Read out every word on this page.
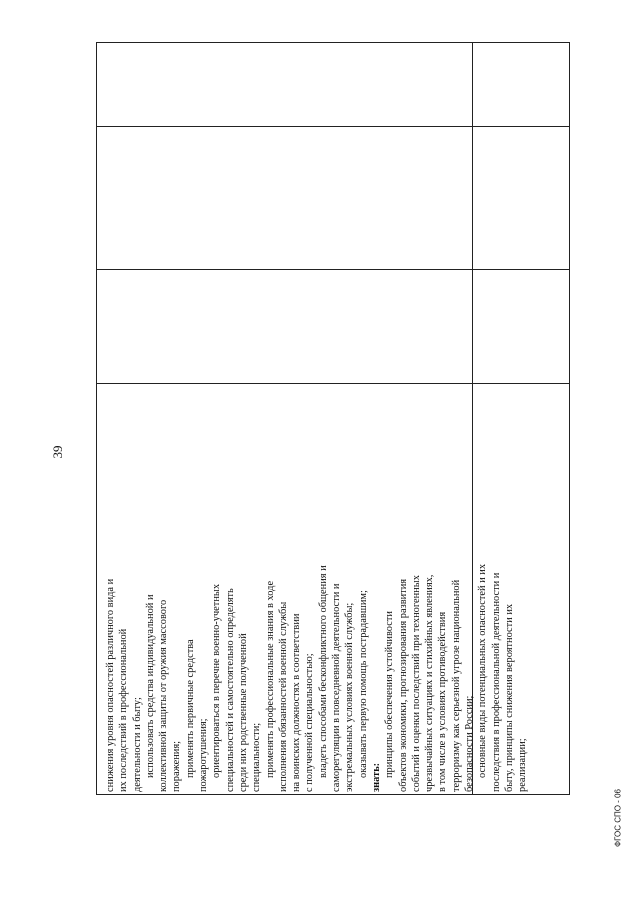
39
снижения уровня опасностей различного вида и их последствий в профессиональной деятельности и быту; использовать средства индивидуальной и коллективной защиты от оружия массового поражения; применять первичные средства пожаротушения; ориентироваться в перечне военно-учетных специальностей и самостоятельно определять среди них родственные полученной специальности; применять профессиональные знания в ходе исполнения обязанностей военной службы на воинских должностях в соответствии с полученной специальностью; владеть способами бесконфликтного общения и саморегуляции в повседневной деятельности и экстремальных условиях военной службы; оказывать первую помощь пострадавшим; знать: принципы обеспечения устойчивости объектов экономики, прогнозирования развития событий и оценки последствий при техногенных чрезвычайных ситуациях и стихийных явлениях, в том числе в условиях противодействия терроризму как серьезной угрозе национальной безопасности России; основные виды потенциальных опасностей и их последствия в профессиональной деятельности и быту, принципы снижения вероятности их реализации;
ФГОС СПО - 06
